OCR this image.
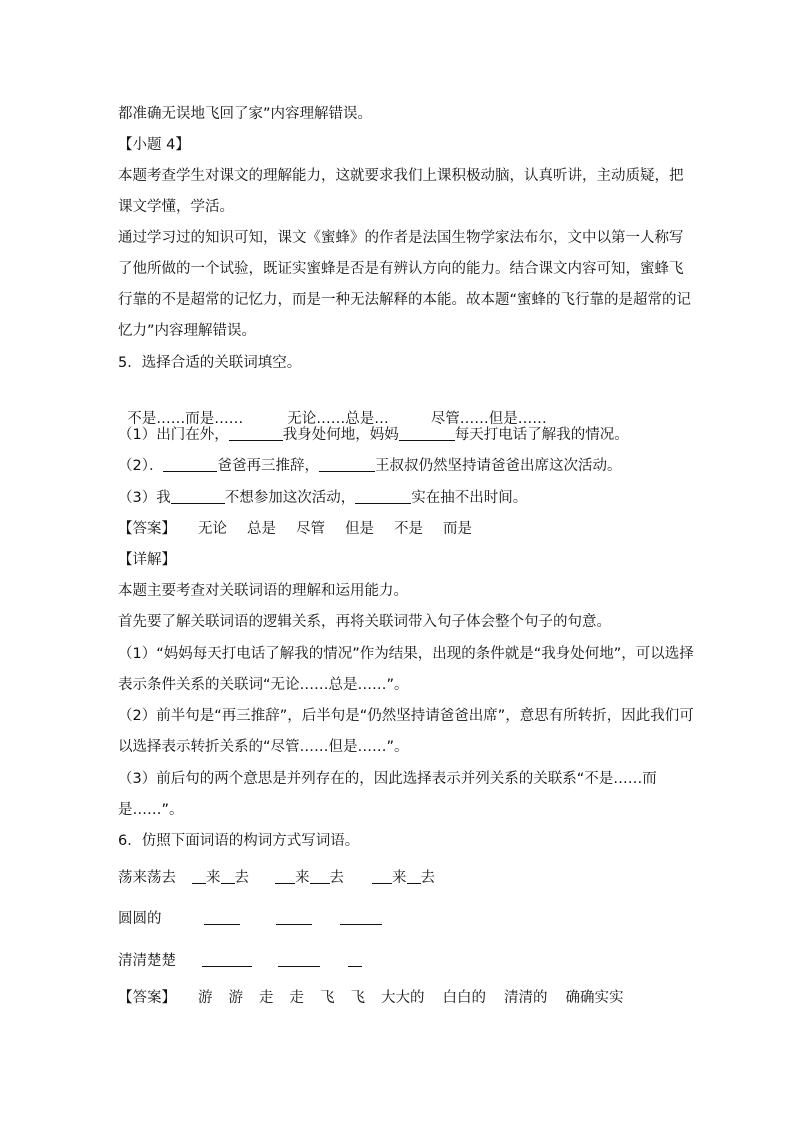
都准确无误地飞回了家”内容理解错误。
【小题 4】
本题考查学生对课文的理解能力，这就要求我们上课积极动脑，认真听讲，主动质疑，把
课文学懂，学活。
通过学习过的知识可知，课文《蜜蜂》的作者是法国生物学家法布尔，文中以第一人称写
了他所做的一个试验，既证实蜜蜂是否是有辨认方向的能力。结合课文内容可知，蜜蜂飞
行靠的不是超常的记忆力，而是一种无法解释的本能。故本题“蜜蜂的飞行靠的是超常的记
忆力”内容理解错误。
5．选择合适的关联词填空。

不是……而是……	无论……总是…	尽管……但是……

（1）出门在外，	我身处何地，妈妈	每天打电话了解我的情况。
（2）．	爸爸再三推辞，	王叔叔仍然坚持请爸爸出席这次活动。
（3）我	不想参加这次活动，	实在抽不出时间。
【答案】 无论 总是 尽管 但是 不是 而是
【详解】
本题主要考查对关联词语的理解和运用能力。
首先要了解关联词语的逻辑关系，再将关联词带入句子体会整个句子的句意。
（1）“妈妈每天打电话了解我的情况”作为结果，出现的条件就是“我身处何地”，可以选择
表示条件关系的关联词“无论……总是……”。
（2）前半句是“再三推辞”，后半句是“仍然坚持请爸爸出席”，意思有所转折，因此我们可
以选择表示转折关系的“尽管……但是……”。
（3）前后句的两个意思是并列存在的，因此选择表示并列关系的关联系“不是……而
是……”。
6．仿照下面词语的构词方式写词语。
荡来荡去 来 去	来 去	来 去
圆圆的
清清楚楚
【答案】 游 游 走 走 飞 飞 大大的 白白的 清清的 确确实实
